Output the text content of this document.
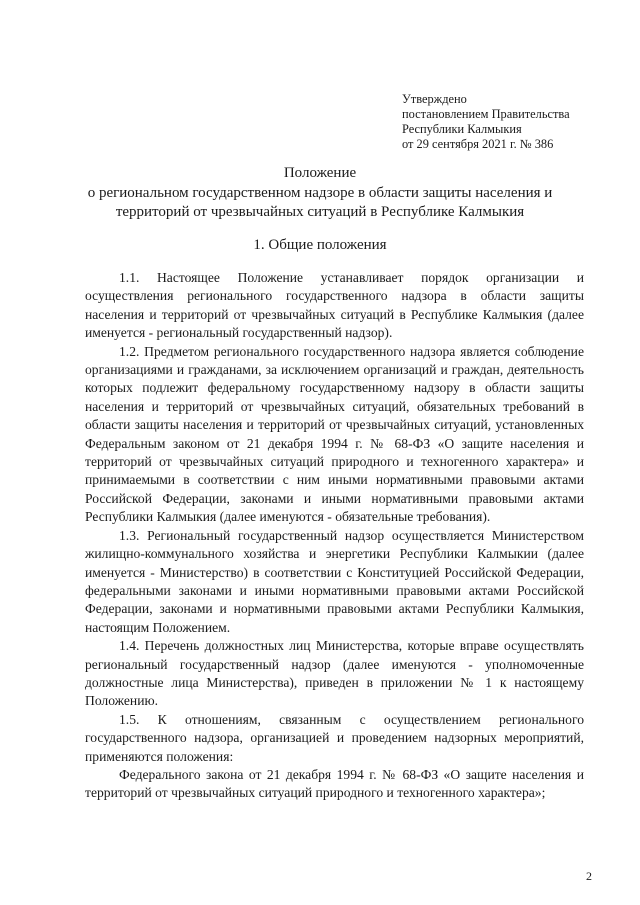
Утверждено
постановлением Правительства
Республики Калмыкия
от 29 сентября 2021 г. № 386
Положение
о региональном государственном надзоре в области защиты населения и
территорий от чрезвычайных ситуаций в Республике Калмыкия
1. Общие положения

1.1. Настоящее Положение устанавливает порядок организации и осуществления регионального государственного надзора в области защиты населения и территорий от чрезвычайных ситуаций в Республике Калмыкия (далее именуется - региональный государственный надзор).

1.2. Предметом регионального государственного надзора является соблюдение организациями и гражданами, за исключением организаций и граждан, деятельность которых подлежит федеральному государственному надзору в области защиты населения и территорий от чрезвычайных ситуаций, обязательных требований в области защиты населения и территорий от чрезвычайных ситуаций, установленных Федеральным законом от 21 декабря 1994 г. № 68-ФЗ «О защите населения и территорий от чрезвычайных ситуаций природного и техногенного характера» и принимаемыми в соответствии с ним иными нормативными правовыми актами Российской Федерации, законами и иными нормативными правовыми актами Республики Калмыкия (далее именуются - обязательные требования).

1.3. Региональный государственный надзор осуществляется Министерством жилищно-коммунального хозяйства и энергетики Республики Калмыкии (далее именуется - Министерство) в соответствии с Конституцией Российской Федерации, федеральными законами и иными нормативными правовыми актами Российской Федерации, законами и нормативными правовыми актами Республики Калмыкия, настоящим Положением.

1.4. Перечень должностных лиц Министерства, которые вправе осуществлять региональный государственный надзор (далее именуются - уполномоченные должностные лица Министерства), приведен в приложении № 1 к настоящему Положению.

1.5. К отношениям, связанным с осуществлением регионального государственного надзора, организацией и проведением надзорных мероприятий, применяются положения:

Федерального закона от 21 декабря 1994 г. № 68-ФЗ «О защите населения и территорий от чрезвычайных ситуаций природного и техногенного характера»;

2
